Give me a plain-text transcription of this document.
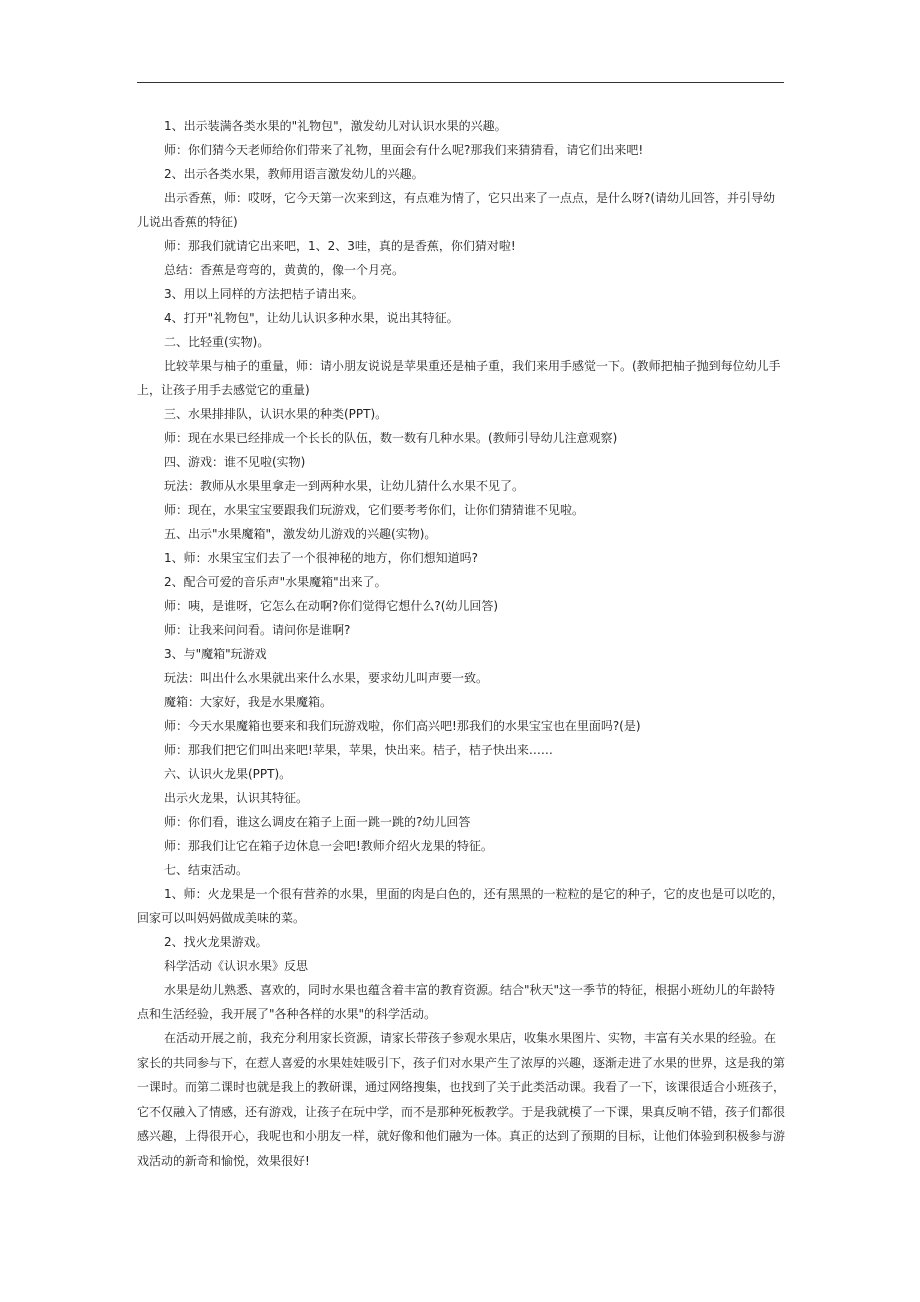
1、出示装满各类水果的"礼物包"，激发幼儿对认识水果的兴趣。

师：你们猜今天老师给你们带来了礼物，里面会有什么呢?那我们来猜猜看，请它们出来吧!

2、出示各类水果，教师用语言激发幼儿的兴趣。

出示香蕉，师：哎呀，它今天第一次来到这，有点难为情了，它只出来了一点点，是什么呀?(请幼儿回答，并引导幼儿说出香蕉的特征)

师：那我们就请它出来吧，1、2、3哇，真的是香蕉，你们猜对啦!

总结：香蕉是弯弯的，黄黄的，像一个月亮。

3、用以上同样的方法把桔子请出来。

4、打开"礼物包"，让幼儿认识多种水果，说出其特征。

二、比轻重(实物)。

比较苹果与柚子的重量，师：请小朋友说说是苹果重还是柚子重，我们来用手感觉一下。(教师把柚子抛到每位幼儿手上，让孩子用手去感觉它的重量)

三、水果排排队，认识水果的种类(PPT)。

师：现在水果已经排成一个长长的队伍，数一数有几种水果。(教师引导幼儿注意观察)

四、游戏：谁不见啦(实物)

玩法：教师从水果里拿走一到两种水果，让幼儿猜什么水果不见了。

师：现在，水果宝宝要跟我们玩游戏，它们要考考你们，让你们猜猜谁不见啦。

五、出示"水果魔箱"，激发幼儿游戏的兴趣(实物)。

1、师：水果宝宝们去了一个很神秘的地方，你们想知道吗?

2、配合可爱的音乐声"水果魔箱"出来了。

师：咦，是谁呀，它怎么在动啊?你们觉得它想什么?(幼儿回答)

师：让我来问问看。请问你是谁啊?

3、与"魔箱"玩游戏

玩法：叫出什么水果就出来什么水果，要求幼儿叫声要一致。

魔箱：大家好，我是水果魔箱。

师：今天水果魔箱也要来和我们玩游戏啦，你们高兴吧!那我们的水果宝宝也在里面吗?(是)

师：那我们把它们叫出来吧!苹果，苹果，快出来。桔子，桔子快出来……

六、认识火龙果(PPT)。

出示火龙果，认识其特征。

师：你们看，谁这么调皮在箱子上面一跳一跳的?幼儿回答

师：那我们让它在箱子边休息一会吧!教师介绍火龙果的特征。

七、结束活动。

1、师：火龙果是一个很有营养的水果，里面的肉是白色的，还有黑黑的一粒粒的是它的种子，它的皮也是可以吃的，回家可以叫妈妈做成美味的菜。

2、找火龙果游戏。

科学活动《认识水果》反思

水果是幼儿熟悉、喜欢的，同时水果也蕴含着丰富的教育资源。结合"秋天"这一季节的特征，根据小班幼儿的年龄特点和生活经验，我开展了"各种各样的水果"的科学活动。

在活动开展之前，我充分利用家长资源，请家长带孩子参观水果店，收集水果图片、实物，丰富有关水果的经验。在家长的共同参与下，在惹人喜爱的水果娃娃吸引下，孩子们对水果产生了浓厚的兴趣，逐渐走进了水果的世界，这是我的第一课时。而第二课时也就是我上的教研课，通过网络搜集，也找到了关于此类活动课。我看了一下，该课很适合小班孩子，它不仅融入了情感，还有游戏，让孩子在玩中学，而不是那种死板教学。于是我就模了一下课，果真反响不错，孩子们都很感兴趣，上得很开心，我呢也和小朋友一样，就好像和他们融为一体。真正的达到了预期的目标，让他们体验到积极参与游戏活动的新奇和愉悦，效果很好!
